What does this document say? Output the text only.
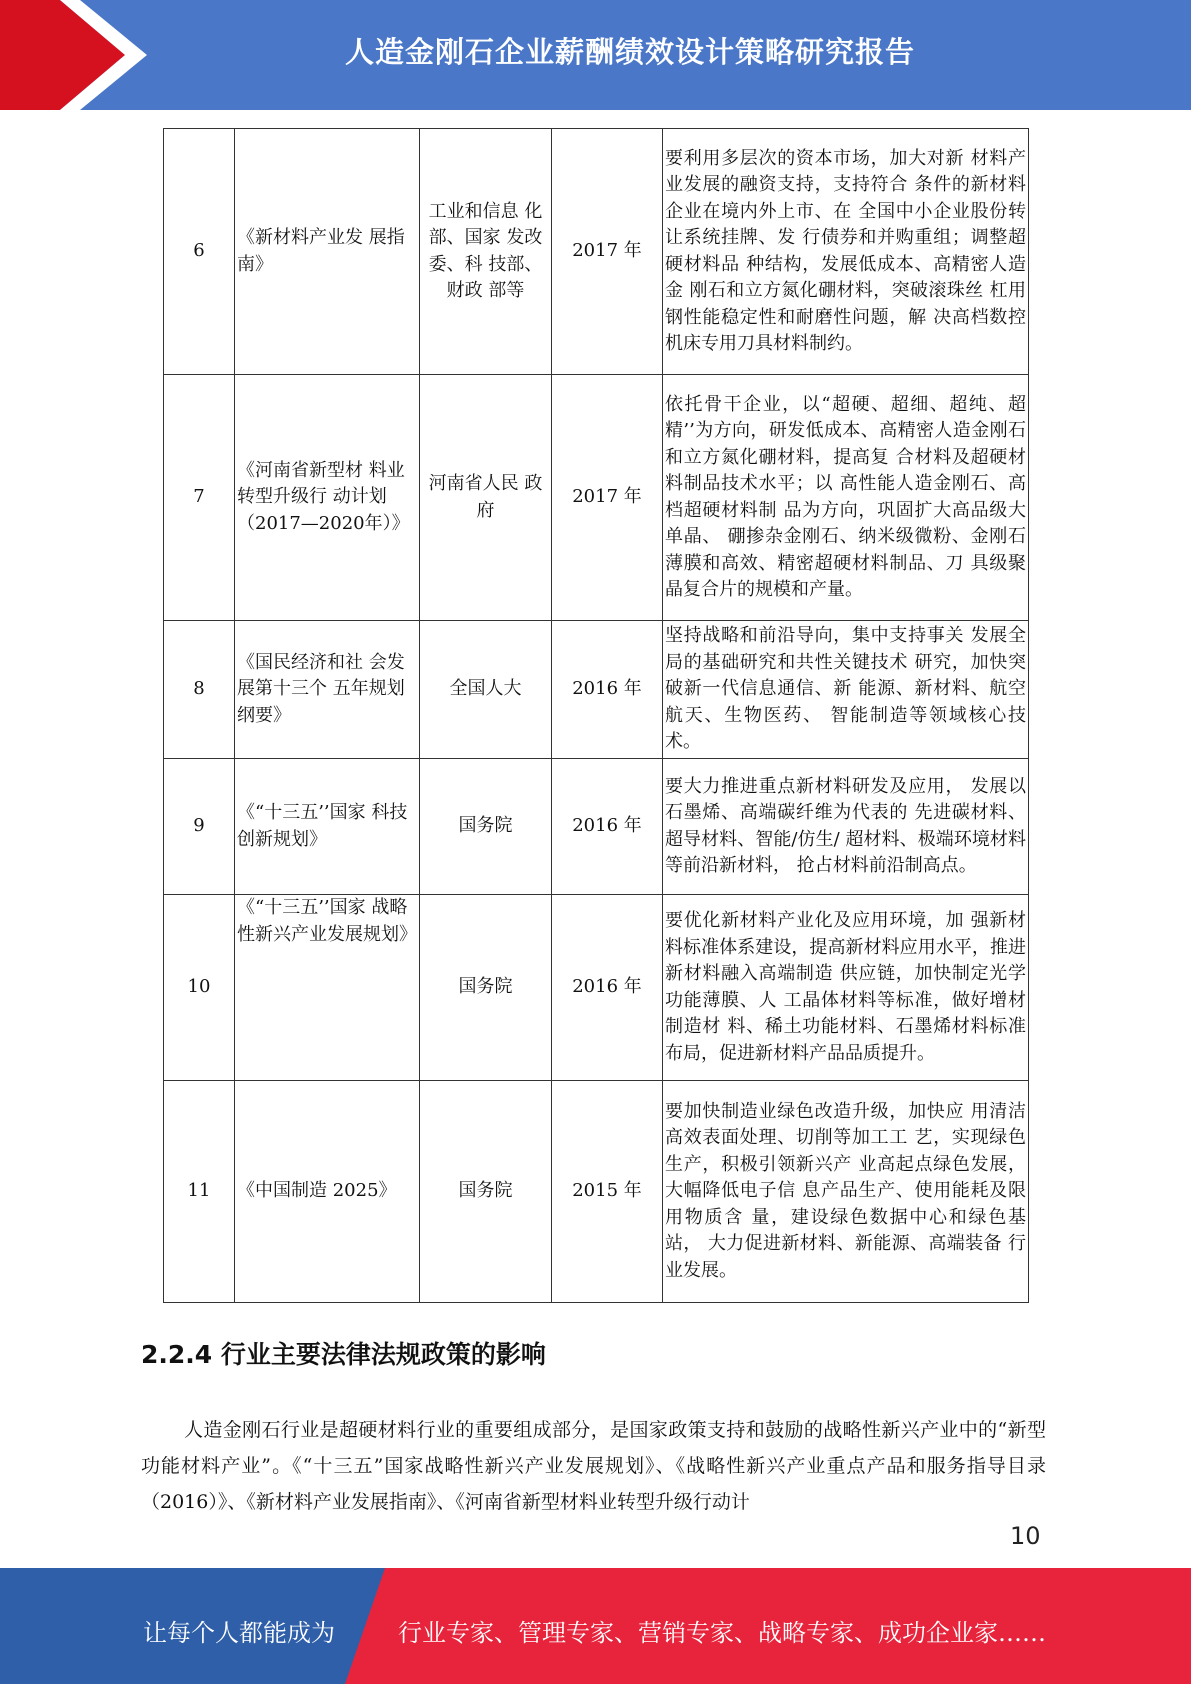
人造金刚石企业薪酬绩效设计策略研究报告
6	《新材料产业发 展指南》	工业和信息 化部、国家 发改委、科 技部、财政 部等	2017 年	要利用多层次的资本市场，加大对新 材料产业发展的融资支持，支持符合 条件的新材料企业在境内外上市、在 全国中小企业股份转让系统挂牌、发 行债券和并购重组；调整超硬材料品 种结构，发展低成本、高精密人造金 刚石和立方氮化硼材料，突破滚珠丝 杠用钢性能稳定性和耐磨性问题，解 决高档数控机床专用刀具材料制约。
7	《河南省新型材 料业转型升级行 动计划（2017—2020年）》	河南省人民 政府	2017 年	依托骨干企业，以“超硬、超细、超纯、超精’’为方向，研发低成本、高精密人造金刚石和立方氮化硼材料，提高复 合材料及超硬材料制品技术水平；以 高性能人造金刚石、高档超硬材料制 品为方向，巩固扩大高品级大单晶、 硼掺杂金刚石、纳米级微粉、金刚石 薄膜和高效、精密超硬材料制品、刀 具级聚晶复合片的规模和产量。
8	《国民经济和社 会发展第十三个 五年规划纲要》	全国人大	2016 年	坚持战略和前沿导向，集中支持事关 发展全局的基础研究和共性关键技术 研究，加快突破新一代信息通信、新 能源、新材料、航空航天、生物医药、 智能制造等领域核心技术。
9	《“十三五’’国家 科技创新规划》	国务院	2016 年	要大力推进重点新材料研发及应用， 发展以石墨烯、高端碳纤维为代表的 先进碳材料、超导材料、智能/仿生/ 超材料、极端环境材料等前沿新材料， 抢占材料前沿制高点。
10	《“十三五’’国家 战略性新兴产业发展规划》	国务院	2016 年	要优化新材料产业化及应用环境，加 强新材料标准体系建设，提高新材料应用水平，推进新材料融入高端制造 供应链，加快制定光学功能薄膜、人 工晶体材料等标准，做好增材制造材 料、稀土功能材料、石墨烯材料标准 布局，促进新材料产品品质提升。
11	《中国制造 2025》	国务院	2015 年	要加快制造业绿色改造升级，加快应 用清洁高效表面处理、切削等加工工 艺，实现绿色生产，积极引领新兴产 业高起点绿色发展，大幅降低电子信 息产品生产、使用能耗及限用物质含 量，建设绿色数据中心和绿色基站， 大力促进新材料、新能源、高端装备 行业发展。
2.2.4 行业主要法律法规政策的影响
人造金刚石行业是超硬材料行业的重要组成部分，是国家政策支持和鼓励的战略性新兴产业中的“新型功能材料产业”。《“十三五”国家战略性新兴产业发展规划》、《战略性新兴产业重点产品和服务指导目录（2016）》、《新材料产业发展指南》、《河南省新型材料业转型升级行动计
10
让每个人都能成为	行业专家、管理专家、营销专家、战略专家、成功企业家……
